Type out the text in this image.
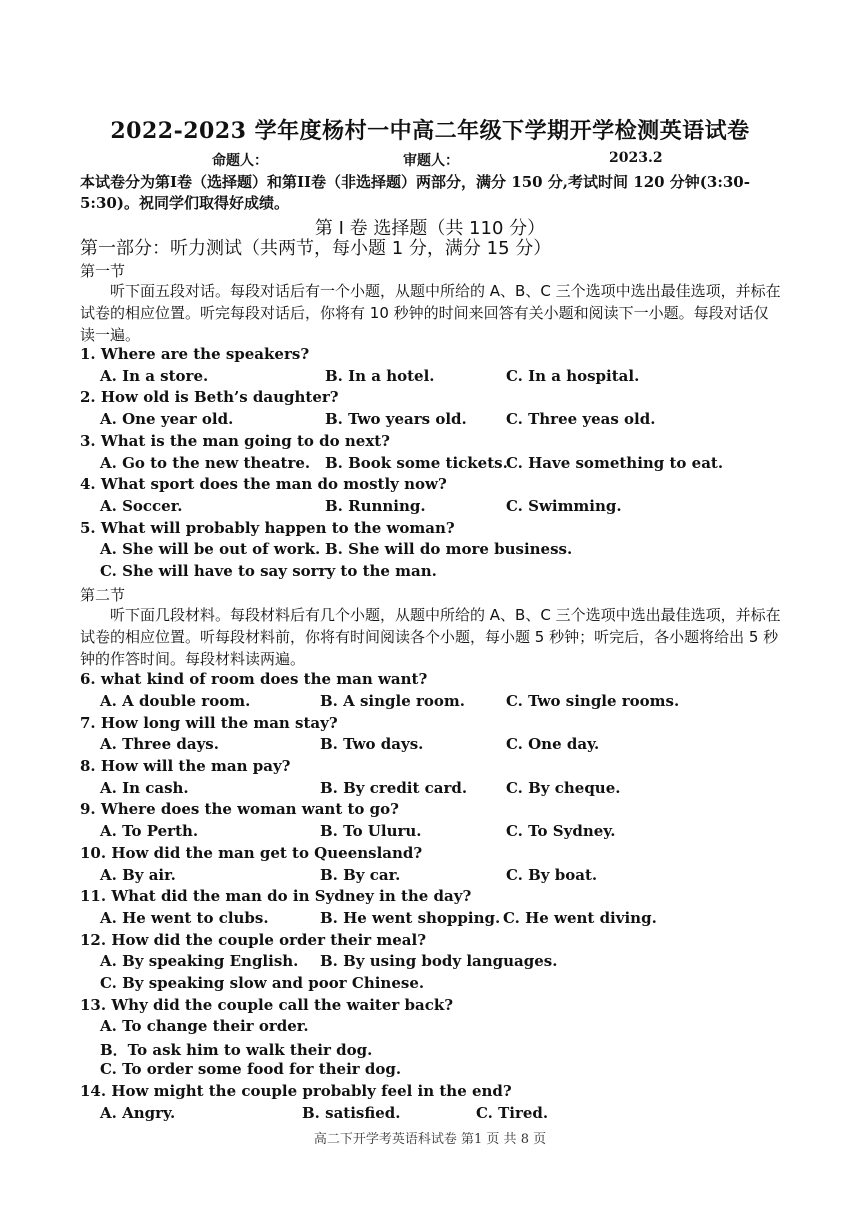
2022-2023 学年度杨村一中高二年级下学期开学检测英语试卷
命题人：	审题人：	2023.2
本试卷分为第I卷（选择题）和第II卷（非选择题）两部分，满分 150 分,考试时间 120 分钟(3:30-5:30)。祝同学们取得好成绩。
第 I 卷 选择题（共 110 分）
第一部分：听力测试（共两节，每小题 1 分，满分 15 分）
第一节
听下面五段对话。每段对话后有一个小题，从题中所给的 A、B、C 三个选项中选出最佳选项，并标在试卷的相应位置。听完每段对话后，你将有 10 秒钟的时间来回答有关小题和阅读下一小题。每段对话仅读一遍。
1. Where are the speakers?
A. In a store.	B. In a hotel.	C. In a hospital.
2. How old is Beth’s daughter?
A. One year old.	B. Two years old.	C. Three yeas old.
3. What is the man going to do next?
A. Go to the new theatre. B. Book some tickets.
C. Have something to eat.
4. What sport does the man do mostly now?
A. Soccer.	B. Running.	C. Swimming.
5. What will probably happen to the woman?
A. She will be out of work. B. She will do more business.
C. She will have to say sorry to the man.
第二节
听下面几段材料。每段材料后有几个小题，从题中所给的 A、B、C 三个选项中选出最佳选项，并标在试卷的相应位置。听每段材料前，你将有时间阅读各个小题，每小题 5 秒钟；听完后，各小题将给出 5 秒钟的作答时间。每段材料读两遍。
6. what kind of room does the man want?
A. A double room.	B. A single room.	C. Two single rooms.
7. How long will the man stay?
A. Three days.	B. Two days.	C. One day.
8. How will the man pay?
A. In cash.	B. By credit card.	C. By cheque.
9. Where does the woman want to go?
A. To Perth.	B. To Uluru.	C. To Sydney.
10. How did the man get to Queensland?
A. By air.	B. By car.	C. By boat.
11. What did the man do in Sydney in the day?
A. He went to clubs.	B. He went shopping. C. He went diving.
12. How did the couple order their meal?
A. By speaking English. B. By using body languages.
C. By speaking slow and poor Chinese.
13. Why did the couple call the waiter back?
A. To change their order.
B．To ask him to walk their dog.
C. To order some food for their dog.
14. How might the couple probably feel in the end?
A. Angry.	B. satisfied.	C. Tired.
高二下开学考英语科试卷 第1 页 共 8 页
